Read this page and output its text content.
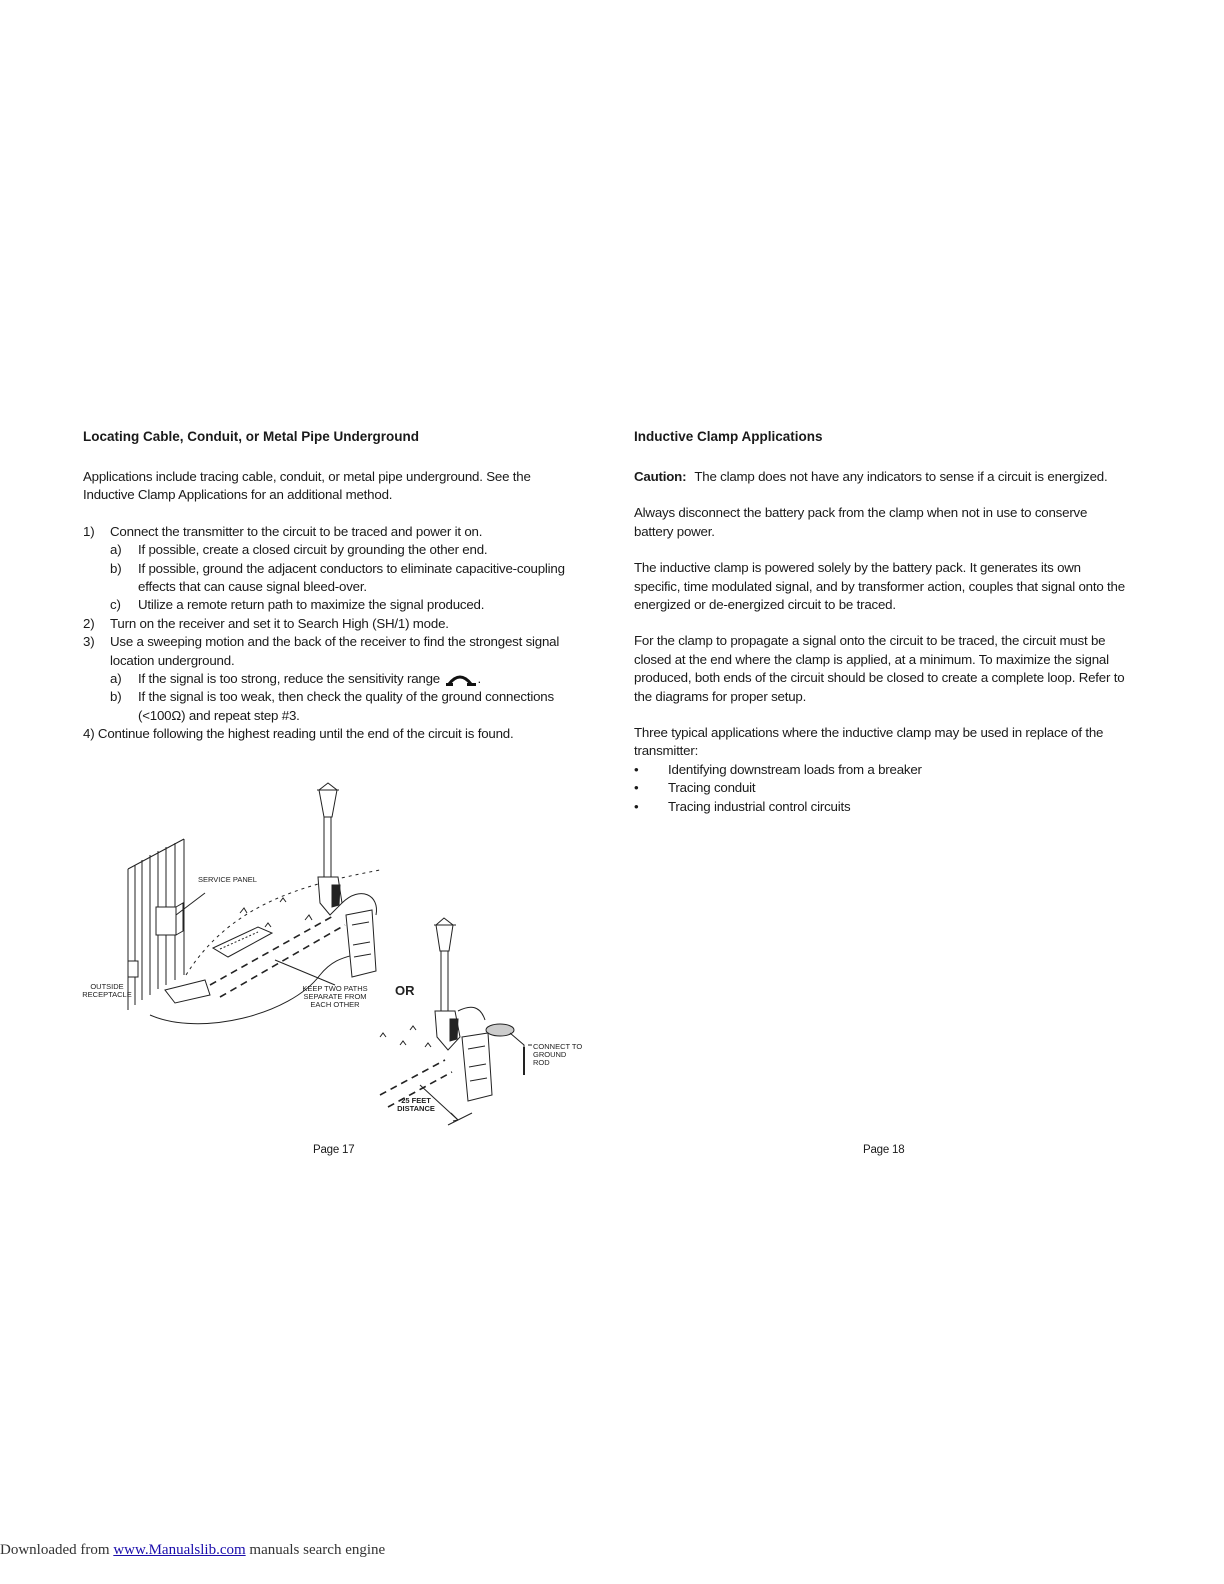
Locating Cable, Conduit, or Metal Pipe Underground

Applications include tracing cable, conduit, or metal pipe underground. See the Inductive Clamp Applications for an additional method.

1)	Connect the transmitter to the circuit to be traced and power it on.
a)	If possible, create a closed circuit by grounding the other end.
b)	If possible, ground the adjacent conductors to eliminate capacitive-coupling effects that can cause signal bleed-over.
c)	Utilize a remote return path to maximize the signal produced.
2)	Turn on the receiver and set it to Search High (SH/1) mode.
3)	Use a sweeping motion and the back of the receiver to find the strongest signal location underground.
a)	If the signal is too strong, reduce the sensitivity range	.
b)	If the signal is too weak, then check the quality of the ground connections (<100Ω) and repeat step #3.
4) Continue following the highest reading until the end of the circuit is found.
SERVICE PANEL
OUTSIDE RECEPTACLE
KEEP TWO PATHS SEPARATE FROM EACH OTHER
OR
CONNECT TO GROUND ROD
25 FEET DISTANCE
Page 17
Inductive Clamp Applications

Caution: The clamp does not have any indicators to sense if a circuit is energized.

Always disconnect the battery pack from the clamp when not in use to conserve battery power.

The inductive clamp is powered solely by the battery pack. It generates its own specific, time modulated signal, and by transformer action, couples that signal onto the energized or de-energized circuit to be traced.

For the clamp to propagate a signal onto the circuit to be traced, the circuit must be closed at the end where the clamp is applied, at a minimum. To maximize the signal produced, both ends of the circuit should be closed to create a complete loop. Refer to the diagrams for proper setup.

Three typical applications where the inductive clamp may be used in replace of the transmitter:
•	Identifying downstream loads from a breaker
•	Tracing conduit
•	Tracing industrial control circuits
Page 18
Downloaded from www.Manualslib.com manuals search engine
